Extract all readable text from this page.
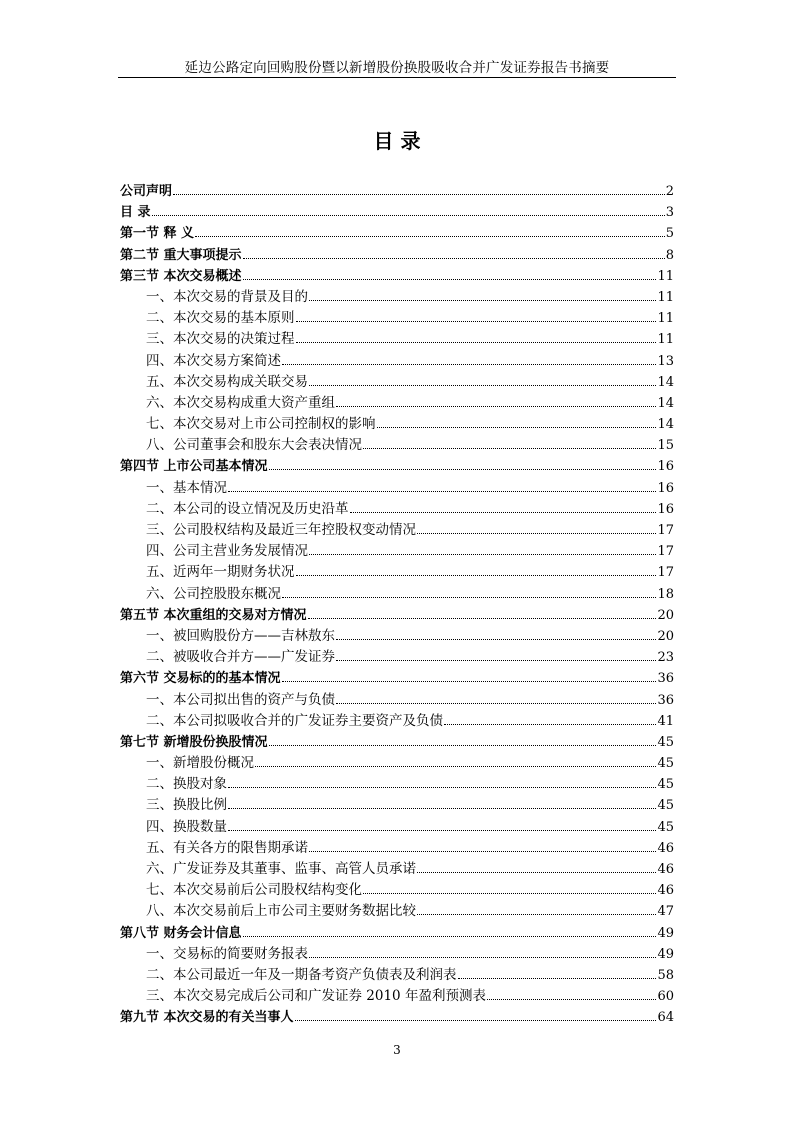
延边公路定向回购股份暨以新增股份换股吸收合并广发证券报告书摘要
目 录
公司声明	2
目 录	3
第一节 释 义	5
第二节 重大事项提示	8
第三节 本次交易概述	11
一、本次交易的背景及目的	11
二、本次交易的基本原则	11
三、本次交易的决策过程	11
四、本次交易方案简述	13
五、本次交易构成关联交易	14
六、本次交易构成重大资产重组	14
七、本次交易对上市公司控制权的影响	14
八、公司董事会和股东大会表决情况	15
第四节 上市公司基本情况	16
一、基本情况	16
二、本公司的设立情况及历史沿革	16
三、公司股权结构及最近三年控股权变动情况	17
四、公司主营业务发展情况	17
五、近两年一期财务状况	17
六、公司控股股东概况	18
第五节 本次重组的交易对方情况	20
一、被回购股份方——吉林敖东	20
二、被吸收合并方——广发证券	23
第六节 交易标的的基本情况	36
一、本公司拟出售的资产与负债	36
二、本公司拟吸收合并的广发证券主要资产及负债	41
第七节 新增股份换股情况	45
一、新增股份概况	45
二、换股对象	45
三、换股比例	45
四、换股数量	45
五、有关各方的限售期承诺	46
六、广发证券及其董事、监事、高管人员承诺	46
七、本次交易前后公司股权结构变化	46
八、本次交易前后上市公司主要财务数据比较	47
第八节 财务会计信息	49
一、交易标的简要财务报表	49
二、本公司最近一年及一期备考资产负债表及利润表	58
三、本次交易完成后公司和广发证券 2010 年盈利预测表	60
第九节 本次交易的有关当事人	64
3
